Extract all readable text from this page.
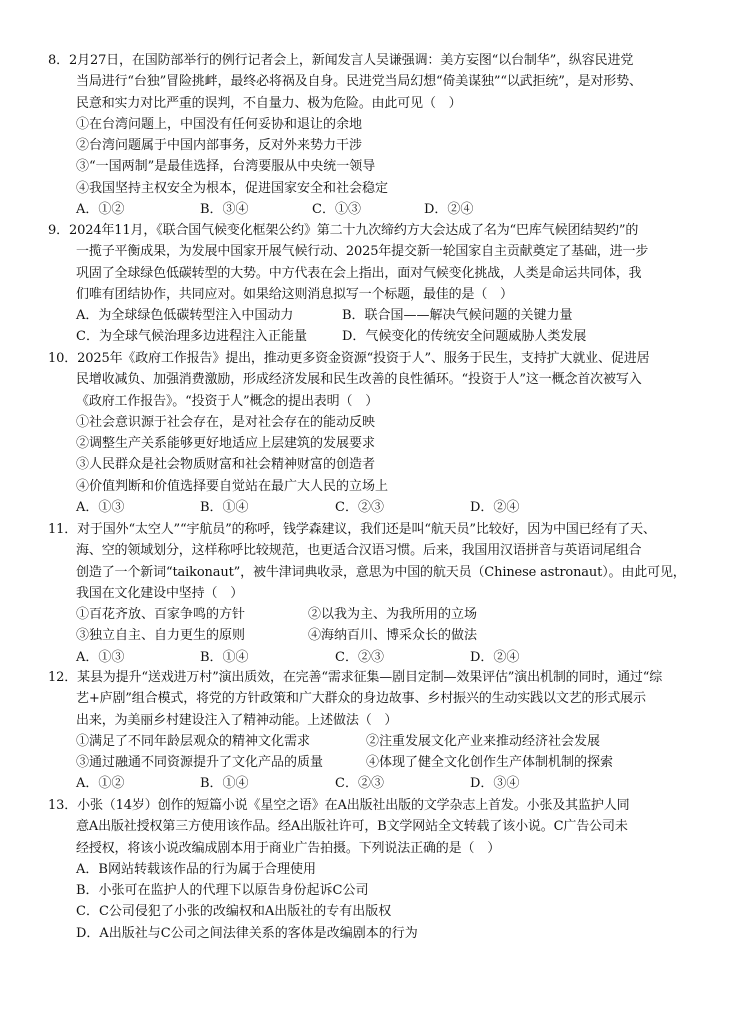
8．2月27日，在国防部举行的例行记者会上，新闻发言人吴谦强调：美方妄图“以台制华”，纵容民进党
当局进行“台独”冒险挑衅，最终必将祸及自身。民进党当局幻想“倚美谋独”“以武拒统”，是对形势、
民意和实力对比严重的误判，不自量力、极为危险。由此可见（　）
①在台湾问题上，中国没有任何妥协和退让的余地
②台湾问题属于中国内部事务，反对外来势力干涉
③“一国两制”是最佳选择，台湾要服从中央统一领导
④我国坚持主权安全为根本，促进国家安全和社会稳定
A．①②	B．③④	C．①③	D．②④
9．2024年11月，《联合国气候变化框架公约》第二十九次缔约方大会达成了名为“巴库气候团结契约”的
一揽子平衡成果，为发展中国家开展气候行动、2025年提交新一轮国家自主贡献奠定了基础，进一步
巩固了全球绿色低碳转型的大势。中方代表在会上指出，面对气候变化挑战，人类是命运共同体，我
们唯有团结协作，共同应对。如果给这则消息拟写一个标题，最佳的是（　）
A．为全球绿色低碳转型注入中国动力	B．联合国——解决气候问题的关键力量
C．为全球气候治理多边进程注入正能量	D．气候变化的传统安全问题威胁人类发展
10．2025年《政府工作报告》提出，推动更多资金资源“投资于人”、服务于民生，支持扩大就业、促进居
民增收减负、加强消费激励，形成经济发展和民生改善的良性循环。“投资于人”这一概念首次被写入
《政府工作报告》。“投资于人”概念的提出表明（　）
①社会意识源于社会存在，是对社会存在的能动反映
②调整生产关系能够更好地适应上层建筑的发展要求
③人民群众是社会物质财富和社会精神财富的创造者
④价值判断和价值选择要自觉站在最广大人民的立场上
A．①③	B．①④	C．②③	D．②④
11．对于国外“太空人”“宇航员”的称呼，钱学森建议，我们还是叫“航天员”比较好，因为中国已经有了天、
海、空的领域划分，这样称呼比较规范，也更适合汉语习惯。后来，我国用汉语拼音与英语词尾组合
创造了一个新词“taikonaut”，被牛津词典收录，意思为中国的航天员（Chinese astronaut）。由此可见，
我国在文化建设中坚持（　）
①百花齐放、百家争鸣的方针	②以我为主、为我所用的立场
③独立自主、自力更生的原则	④海纳百川、博采众长的做法
A．①③	B．①④	C．②③	D．②④
12．某县为提升“送戏进万村”演出质效，在完善“需求征集—剧目定制—效果评估”演出机制的同时，通过“综
艺+庐剧”组合模式，将党的方针政策和广大群众的身边故事、乡村振兴的生动实践以文艺的形式展示
出来，为美丽乡村建设注入了精神动能。上述做法（　）
①满足了不同年龄层观众的精神文化需求	②注重发展文化产业来推动经济社会发展
③通过融通不同资源提升了文化产品的质量	④体现了健全文化创作生产体制机制的探索
A．①②	B．①④	C．②③	D．③④
13．小张（14岁）创作的短篇小说《星空之语》在A出版社出版的文学杂志上首发。小张及其监护人同
意A出版社授权第三方使用该作品。经A出版社许可，B文学网站全文转载了该小说。C广告公司未
经授权，将该小说改编成剧本用于商业广告拍摄。下列说法正确的是（　）
A．B网站转载该作品的行为属于合理使用
B．小张可在监护人的代理下以原告身份起诉C公司
C．C公司侵犯了小张的改编权和A出版社的专有出版权
D．A出版社与C公司之间法律关系的客体是改编剧本的行为
